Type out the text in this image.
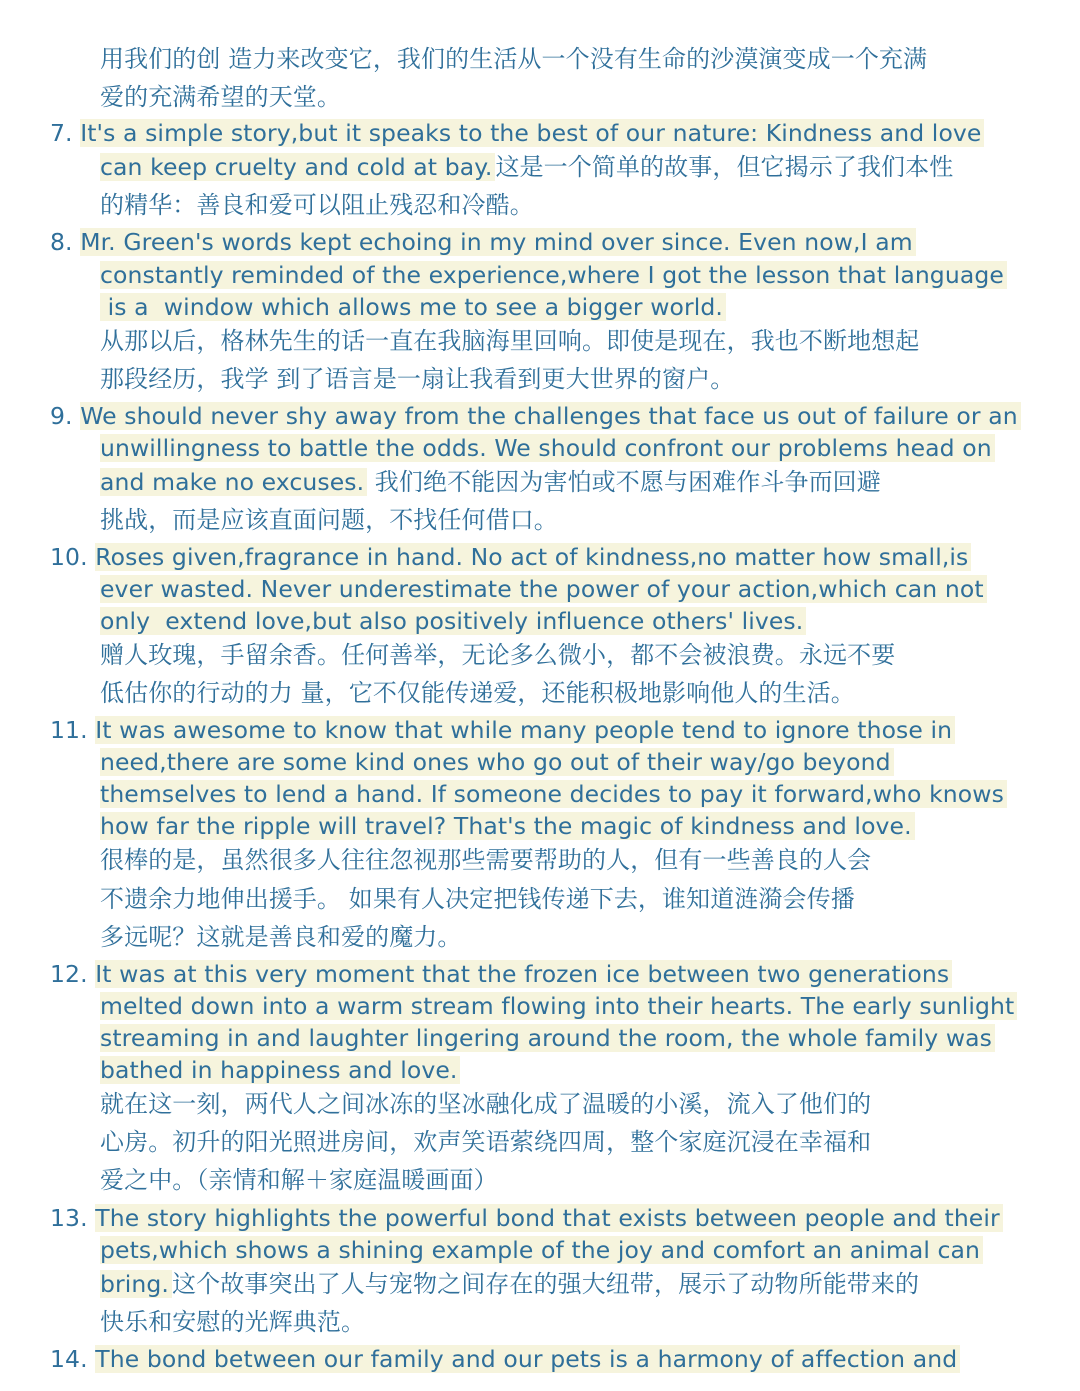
用我们的创 造力来改变它，我们的生活从一个没有生命的沙漠演变成一个充满
爱的充满希望的天堂。
7. It's a simple story,but it speaks to the best of our nature: Kindness and love
can keep cruelty and cold at bay. 这是一个简单的故事，但它揭示了我们本性
的精华：善良和爱可以阻止残忍和冷酷。
8. Mr. Green's words kept echoing in my mind over since. Even now,I am
constantly reminded of the experience,where I got the lesson that language
is a  window which allows me to see a bigger world.
从那以后，格林先生的话一直在我脑海里回响。即使是现在，我也不断地想起
那段经历，我学 到了语言是一扇让我看到更大世界的窗户。
9. We should never shy away from the challenges that face us out of failure or an
unwillingness to battle the odds. We should confront our problems head on
and make no excuses. 我们绝不能因为害怕或不愿与困难作斗争而回避
挑战，而是应该直面问题，不找任何借口。
10. Roses given,fragrance in hand. No act of kindness,no matter how small,is
ever wasted. Never underestimate the power of your action,which can not
only  extend love,but also positively influence others' lives.
赠人玫瑰，手留余香。任何善举，无论多么微小，都不会被浪费。永远不要
低估你的行动的力 量，它不仅能传递爱，还能积极地影响他人的生活。
11. It was awesome to know that while many people tend to ignore those in
need,there are some kind ones who go out of their way/go beyond
themselves to lend a hand. If someone decides to pay it forward,who knows
how far the ripple will travel? That's the magic of kindness and love.
很棒的是，虽然很多人往往忽视那些需要帮助的人，但有一些善良的人会
不遗余力地伸出援手。 如果有人决定把钱传递下去，谁知道涟漪会传播
多远呢？这就是善良和爱的魔力。
12. It was at this very moment that the frozen ice between two generations
melted down into a warm stream flowing into their hearts. The early sunlight
streaming in and laughter lingering around the room, the whole family was
bathed in happiness and love.
就在这一刻，两代人之间冰冻的坚冰融化成了温暖的小溪，流入了他们的
心房。初升的阳光照进房间，欢声笑语萦绕四周，整个家庭沉浸在幸福和
爱之中。（亲情和解＋家庭温暖画面）
13. The story highlights the powerful bond that exists between people and their
pets,which shows a shining example of the joy and comfort an animal can
bring. 这个故事突出了人与宠物之间存在的强大纽带，展示了动物所能带来的
快乐和安慰的光辉典范。
14. The bond between our family and our pets is a harmony of affection and
